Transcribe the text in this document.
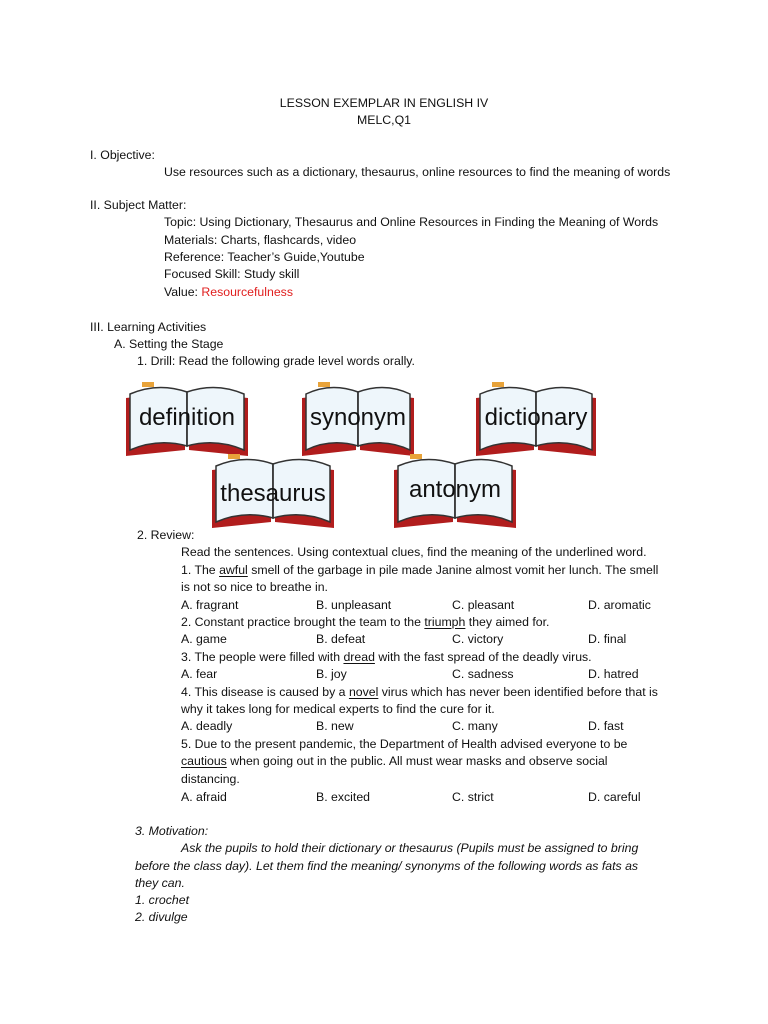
LESSON EXEMPLAR IN ENGLISH IV
MELC,Q1
I. Objective:
Use resources such as a dictionary, thesaurus, online resources to find the meaning of words
II. Subject Matter:
Topic: Using Dictionary, Thesaurus and Online Resources in Finding the Meaning of Words
Materials: Charts, flashcards, video
Reference: Teacher’s Guide,Youtube
Focused Skill: Study skill
Value: Resourcefulness
III. Learning Activities
A. Setting the Stage
1. Drill: Read the following grade level words orally.
definition	synonym	dictionary
thesaurus	antonym
2. Review:
Read the sentences. Using contextual clues, find the meaning of the underlined word.
1. The awful smell of the garbage in pile made Janine almost vomit her lunch. The smell
is not so nice to breathe in.
A. fragrant	B. unpleasant	C. pleasant	D. aromatic
2. Constant practice brought the team to the triumph they aimed for.
A. game	B. defeat	C. victory	D. final
3. The people were filled with dread with the fast spread of the deadly virus.
A. fear	B. joy	C. sadness	D. hatred
4. This disease is caused by a novel virus which has never been identified before that is
why it takes long for medical experts to find the cure for it.
A. deadly	B. new	C. many	D. fast
5. Due to the present pandemic, the Department of Health advised everyone to be
cautious when going out in the public. All must wear masks and observe social
distancing.
A. afraid	B. excited	C. strict	D. careful
3. Motivation:
Ask the pupils to hold their dictionary or thesaurus (Pupils must be assigned to bring
before the class day). Let them find the meaning/ synonyms of the following words as fats as
they can.
1. crochet
2. divulge
